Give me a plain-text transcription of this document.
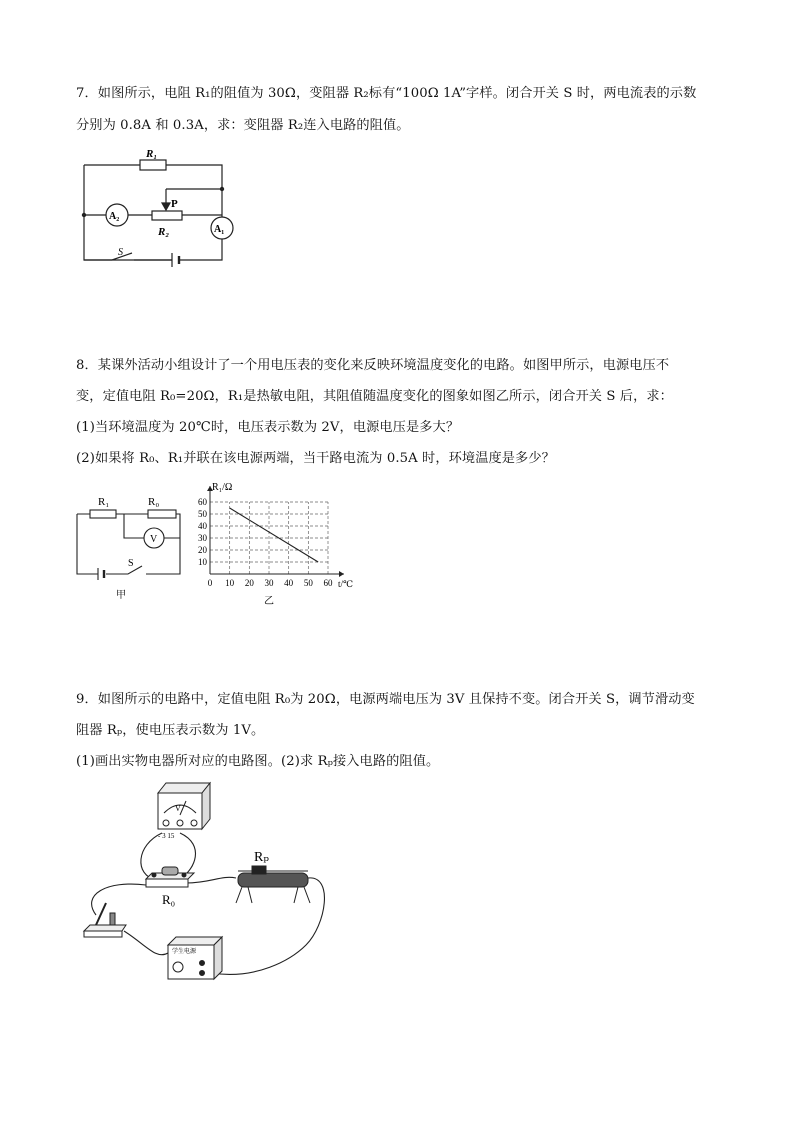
7．如图所示，电阻 R₁的阻值为 30Ω，变阻器 R₂标有“100Ω 1A”字样。闭合开关 S 时，两电流表的示数
分别为 0.8A 和 0.3A，求：变阻器 R₂连入电路的阻值。
R₁
R₂
P
A₂
A₁
S
8．某课外活动小组设计了一个用电压表的变化来反映环境温度变化的电路。如图甲所示，电源电压不
变，定值电阻 R₀=20Ω，R₁是热敏电阻，其阻值随温度变化的图象如图乙所示，闭合开关 S 后，求：
(1)当环境温度为 20℃时，电压表示数为 2V，电源电压是多大？
(2)如果将 R₀、R₁并联在该电源两端，当干路电流为 0.5A 时，环境温度是多少？
R₁	R₀
V
S
甲
0 10 20 30 40 50 60
10
20
30
40
50
60
R₁/Ω
t/℃
乙
9．如图所示的电路中，定值电阻 R₀为 20Ω，电源两端电压为 3V 且保持不变。闭合开关 S，调节滑动变
阻器 Rₚ，使电压表示数为 1V。
(1)画出实物电器所对应的电路图。(2)求 Rₚ接入电路的阻值。
V
- 3 15
R₀
Rₚ
学生电源
